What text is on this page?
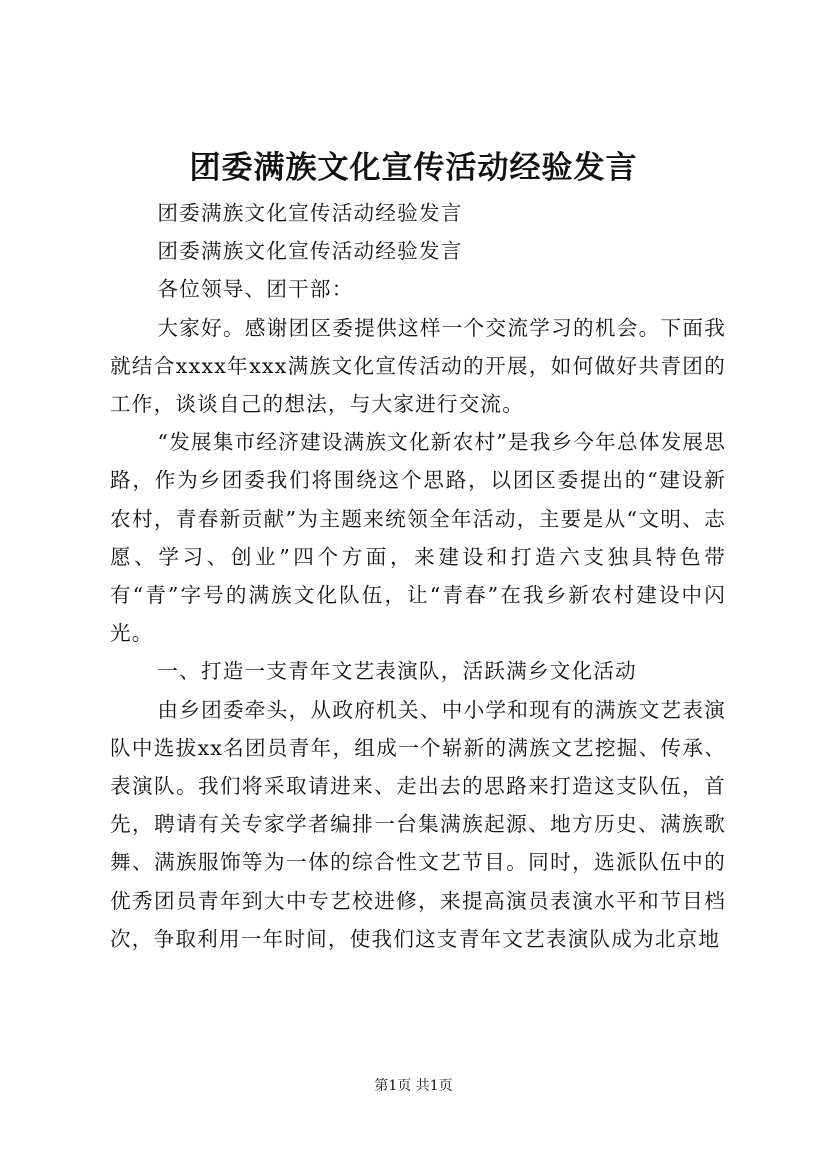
团委满族文化宣传活动经验发言

团委满族文化宣传活动经验发言

团委满族文化宣传活动经验发言

各位领导、团干部：

大家好。感谢团区委提供这样一个交流学习的机会。下面我就结合xxxx年xxx满族文化宣传活动的开展，如何做好共青团的工作，谈谈自己的想法，与大家进行交流。

“发展集市经济建设满族文化新农村”是我乡今年总体发展思路，作为乡团委我们将围绕这个思路，以团区委提出的“建设新农村，青春新贡献”为主题来统领全年活动，主要是从“文明、志愿、学习、创业”四个方面，来建设和打造六支独具特色带有“青”字号的满族文化队伍，让“青春”在我乡新农村建设中闪光。

一、打造一支青年文艺表演队，活跃满乡文化活动

由乡团委牵头，从政府机关、中小学和现有的满族文艺表演队中选拔xx名团员青年，组成一个崭新的满族文艺挖掘、传承、表演队。我们将采取请进来、走出去的思路来打造这支队伍，首先，聘请有关专家学者编排一台集满族起源、地方历史、满族歌舞、满族服饰等为一体的综合性文艺节目。同时，选派队伍中的优秀团员青年到大中专艺校进修，来提高演员表演水平和节目档次，争取利用一年时间，使我们这支青年文艺表演队成为北京地

第1页 共1页
